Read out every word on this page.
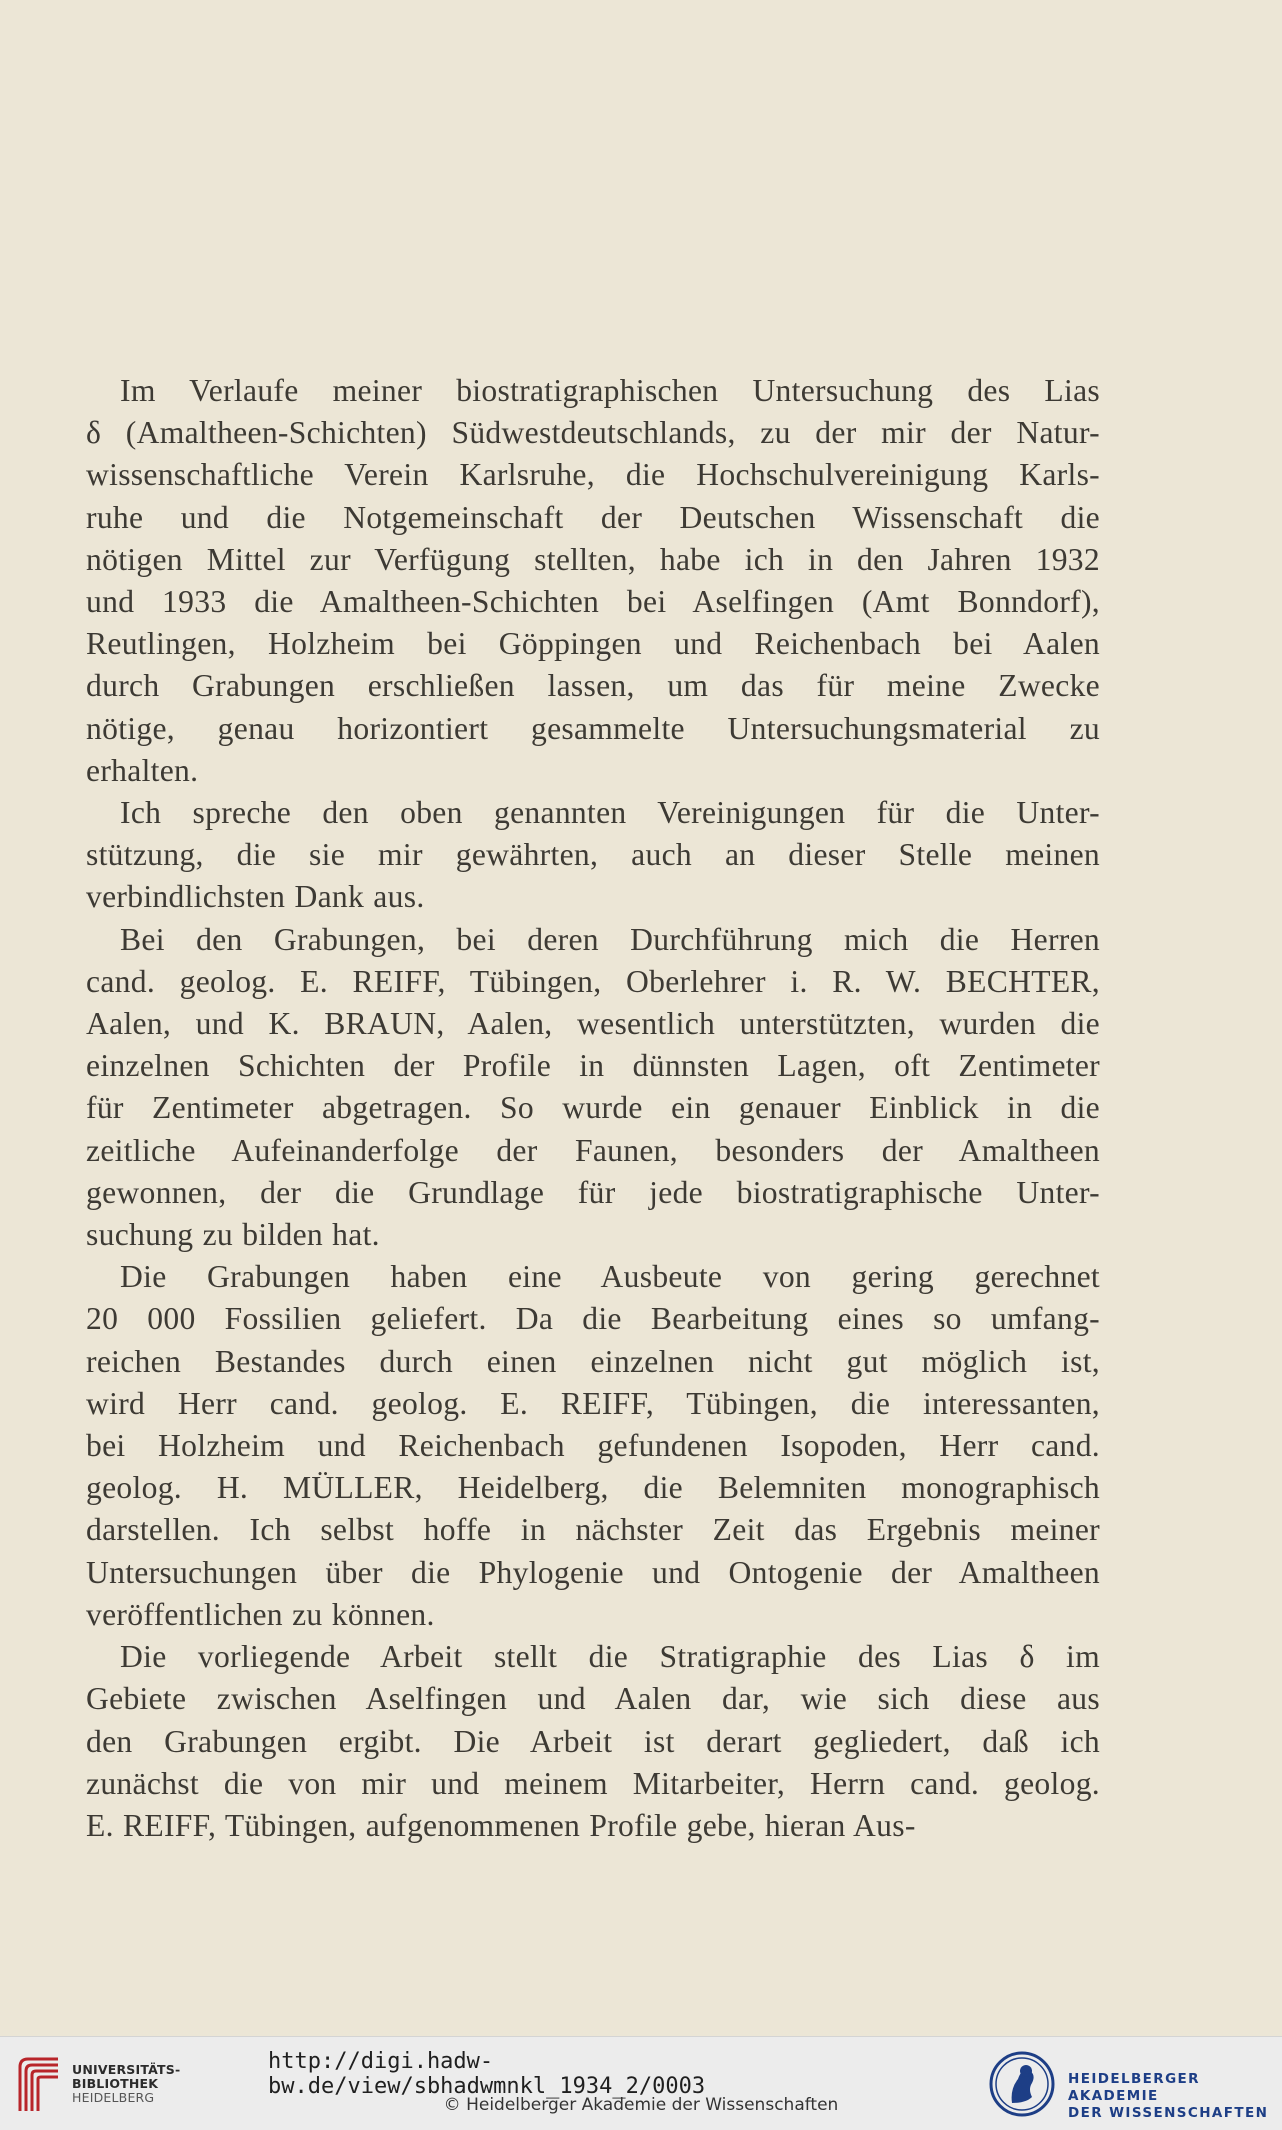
Im Verlaufe meiner biostratigraphischen Untersuchung des Lias
δ (Amaltheen-Schichten) Südwestdeutschlands, zu der mir der Natur-
wissenschaftliche Verein Karlsruhe, die Hochschulvereinigung Karls-
ruhe und die Notgemeinschaft der Deutschen Wissenschaft die
nötigen Mittel zur Verfügung stellten, habe ich in den Jahren 1932
und 1933 die Amaltheen-Schichten bei Aselfingen (Amt Bonndorf),
Reutlingen, Holzheim bei Göppingen und Reichenbach bei Aalen
durch Grabungen erschließen lassen, um das für meine Zwecke
nötige, genau horizontiert gesammelte Untersuchungsmaterial zu
erhalten.
Ich spreche den oben genannten Vereinigungen für die Unter-
stützung, die sie mir gewährten, auch an dieser Stelle meinen
verbindlichsten Dank aus.
Bei den Grabungen, bei deren Durchführung mich die Herren
cand. geolog. E. REIFF, Tübingen, Oberlehrer i. R. W. BECHTER,
Aalen, und K. BRAUN, Aalen, wesentlich unterstützten, wurden die
einzelnen Schichten der Profile in dünnsten Lagen, oft Zentimeter
für Zentimeter abgetragen. So wurde ein genauer Einblick in die
zeitliche Aufeinanderfolge der Faunen, besonders der Amaltheen
gewonnen, der die Grundlage für jede biostratigraphische Unter-
suchung zu bilden hat.
Die Grabungen haben eine Ausbeute von gering gerechnet
20 000 Fossilien geliefert. Da die Bearbeitung eines so umfang-
reichen Bestandes durch einen einzelnen nicht gut möglich ist,
wird Herr cand. geolog. E. REIFF, Tübingen, die interessanten,
bei Holzheim und Reichenbach gefundenen Isopoden, Herr cand.
geolog. H. MÜLLER, Heidelberg, die Belemniten monographisch
darstellen. Ich selbst hoffe in nächster Zeit das Ergebnis meiner
Untersuchungen über die Phylogenie und Ontogenie der Amaltheen
veröffentlichen zu können.
Die vorliegende Arbeit stellt die Stratigraphie des Lias δ im
Gebiete zwischen Aselfingen und Aalen dar, wie sich diese aus
den Grabungen ergibt. Die Arbeit ist derart gegliedert, daß ich
zunächst die von mir und meinem Mitarbeiter, Herrn cand. geolog.
E. REIFF, Tübingen, aufgenommenen Profile gebe, hieran Aus-
UNIVERSITÄTS-
BIBLIOTHEK
HEIDELBERG
http://digi.hadw-bw.de/view/sbhadwmnkl_1934_2/0003
© Heidelberger Akademie der Wissenschaften
HEIDELBERGER AKADEMIE
DER WISSENSCHAFTEN
